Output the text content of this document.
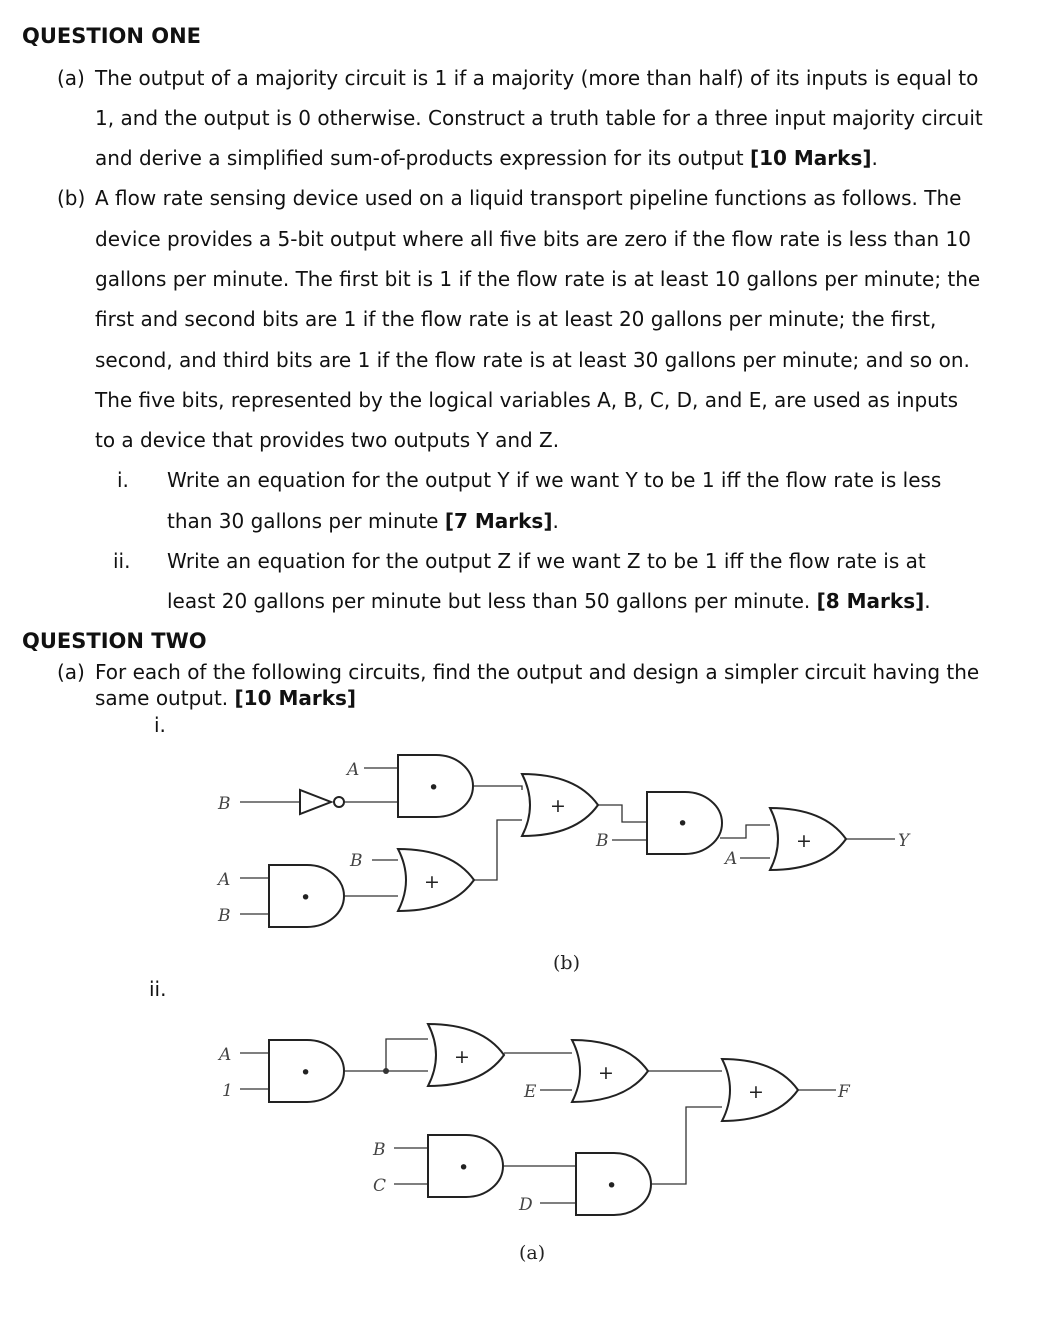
QUESTION ONE
(a) The output of a majority circuit is 1 if a majority (more than half) of its inputs is equal to
1, and the output is 0 otherwise. Construct a truth table for a three input majority circuit
and derive a simplified sum-of-products expression for its output [10 Marks].
(b) A flow rate sensing device used on a liquid transport pipeline functions as follows. The
device provides a 5-bit output where all five bits are zero if the flow rate is less than 10
gallons per minute. The first bit is 1 if the flow rate is at least 10 gallons per minute; the
first and second bits are 1 if the flow rate is at least 20 gallons per minute; the first,
second, and third bits are 1 if the flow rate is at least 30 gallons per minute; and so on.
The five bits, represented by the logical variables A, B, C, D, and E, are used as inputs
to a device that provides two outputs Y and Z.
i. Write an equation for the output Y if we want Y to be 1 iff the flow rate is less
than 30 gallons per minute [7 Marks].
ii. Write an equation for the output Z if we want Z to be 1 iff the flow rate is at
least 20 gallons per minute but less than 50 gallons per minute. [8 Marks].
QUESTION TWO
(a) For each of the following circuits, find the output and design a simpler circuit having the
same output. [10 Marks]
i.
ii.
•
•
+
+
•
+
A
B
A
B
B
B
A
Y
(b)
•
+
+
•
•
+
A
1	E
B
C
D
F
(a)
